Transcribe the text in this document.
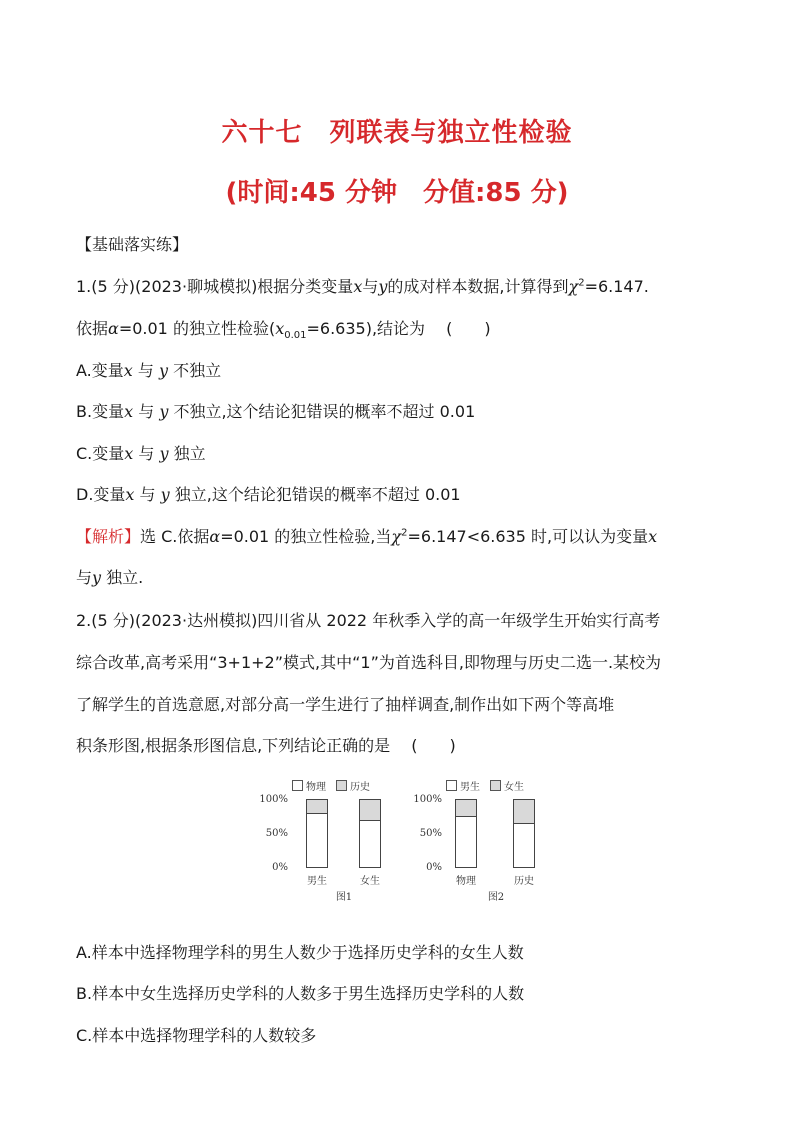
六十七　列联表与独立性检验
(时间:45 分钟　分值:85 分)
【基础落实练】
1.(5 分)(2023·聊城模拟)根据分类变量x与y的成对样本数据,计算得到$\chi^2=6.147$.
依据α=0.01 的独立性检验$(x_{0.01}=6.635)$,结论为　 (　　)
A.变量x 与 y 不独立
B.变量x 与 y 不独立,这个结论犯错误的概率不超过 0.01
C.变量x 与 y 独立
D.变量x 与 y 独立,这个结论犯错误的概率不超过 0.01
【解析】选 C.依据α=0.01 的独立性检验,当$\chi^2=6.147<6.635$ 时,可以认为变量x
与y 独立.
2.(5 分)(2023·达州模拟)四川省从 2022 年秋季入学的高一年级学生开始实行高考
综合改革,高考采用“3+1+2”模式,其中“1”为首选科目,即物理与历史二选一.某校为
了解学生的首选意愿,对部分高一学生进行了抽样调查,制作出如下两个等高堆
积条形图,根据条形图信息,下列结论正确的是　 (　　)
物理 历史
100%
50%
0%
男生	女生
图1
男生 女生
100%
50%
0%
物理	历史
图2
A.样本中选择物理学科的男生人数少于选择历史学科的女生人数
B.样本中女生选择历史学科的人数多于男生选择历史学科的人数
C.样本中选择物理学科的人数较多
